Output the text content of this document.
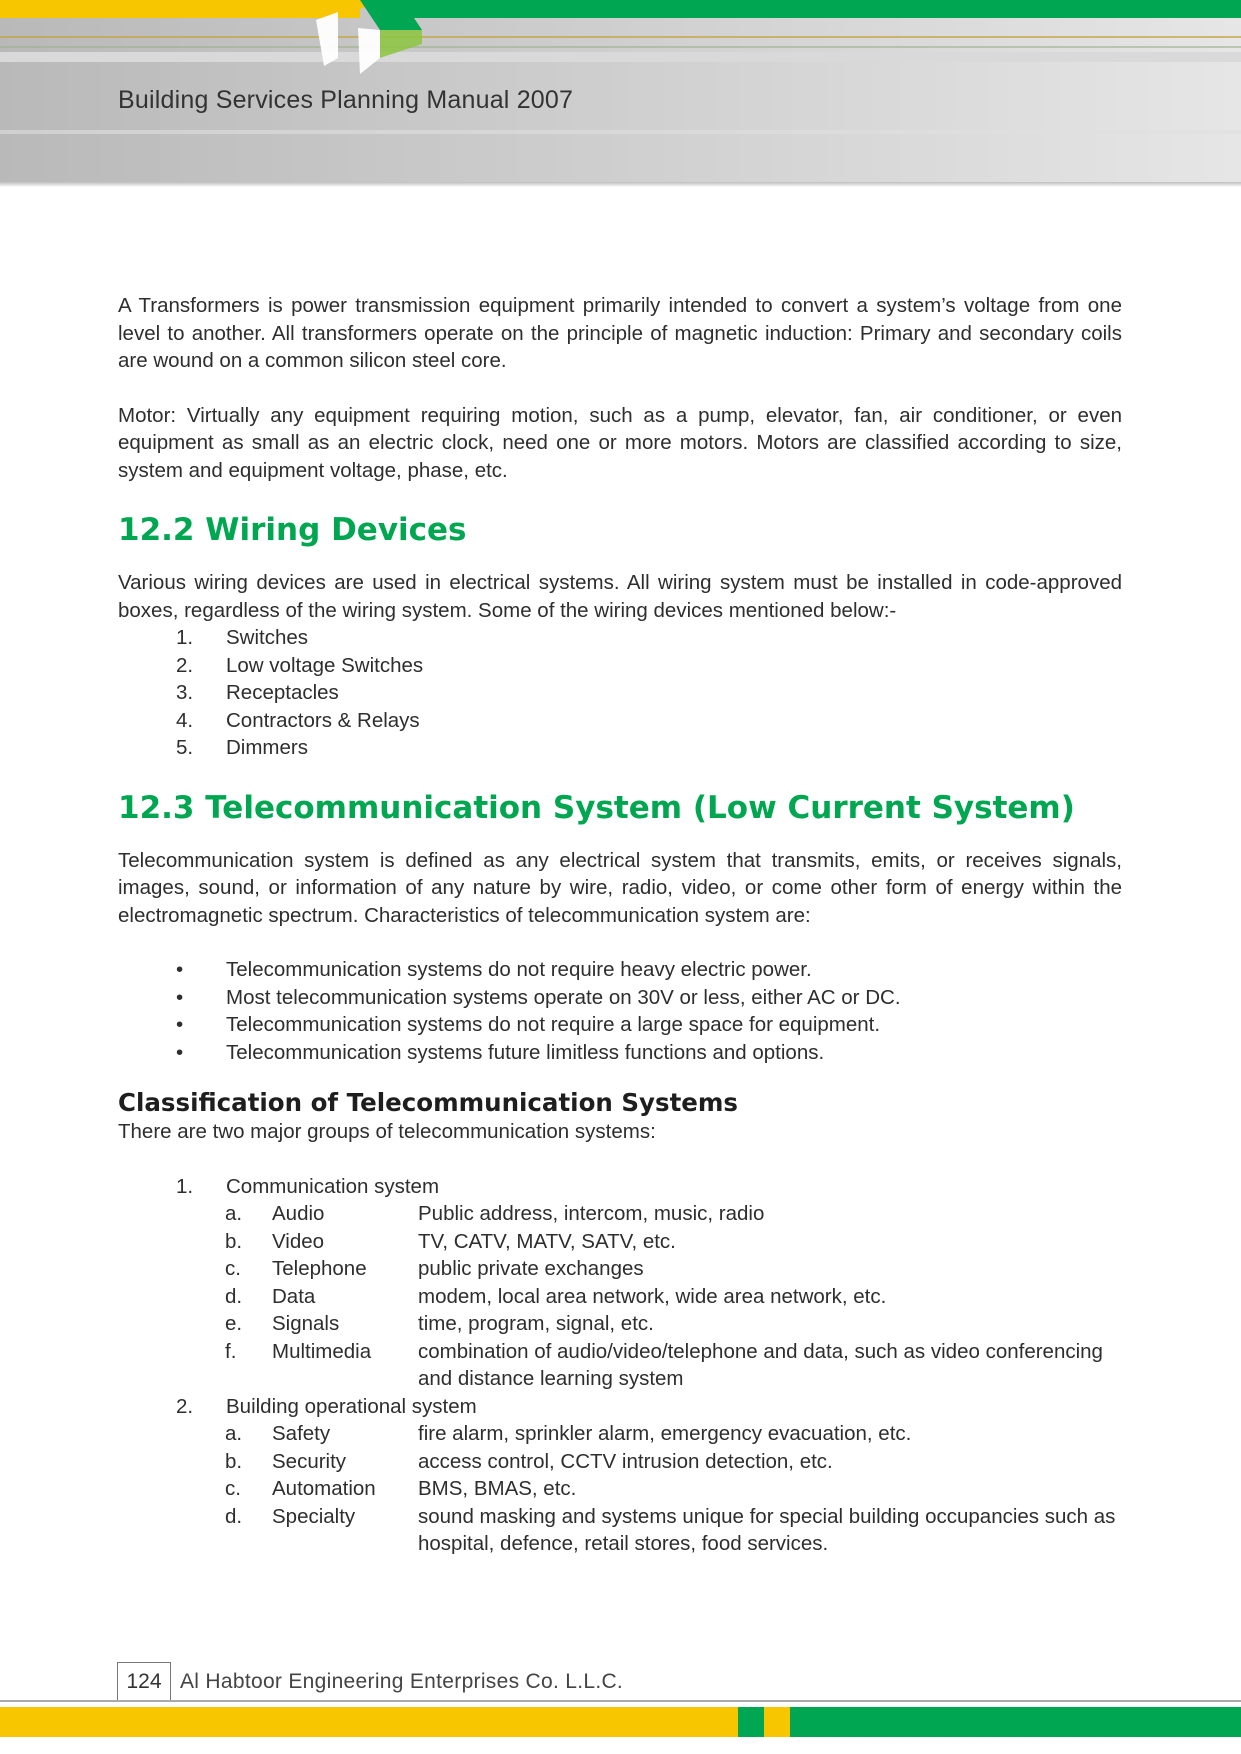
Building Services Planning Manual 2007

A Transformers is power transmission equipment primarily intended to convert a system’s voltage from one level to another. All transformers operate on the principle of magnetic induction: Primary and secondary coils are wound on a common silicon steel core.

Motor: Virtually any equipment requiring motion, such as a pump, elevator, fan, air conditioner, or even equipment as small as an electric clock, need one or more motors. Motors are classified according to size, system and equipment voltage, phase, etc.

12.2 Wiring Devices

Various wiring devices are used in electrical systems. All wiring system must be installed in code-approved boxes, regardless of the wiring system. Some of the wiring devices mentioned below:-

1.	Switches
2.	Low voltage Switches
3.	Receptacles
4.	Contractors & Relays
5.	Dimmers
12.3 Telecommunication System (Low Current System)

Telecommunication system is defined as any electrical system that transmits, emits, or receives signals, images, sound, or information of any nature by wire, radio, video, or come other form of energy within the electromagnetic spectrum. Characteristics of telecommunication system are:

•	Telecommunication systems do not require heavy electric power.
•	Most telecommunication systems operate on 30V or less, either AC or DC.
•	Telecommunication systems do not require a large space for equipment.
•	Telecommunication systems future limitless functions and options.
Classification of Telecommunication Systems

There are two major groups of telecommunication systems:

1.	Communication system
a.	Audio	Public address, intercom, music, radio
b.	Video	TV, CATV, MATV, SATV, etc.
c.	Telephone	public private exchanges
d.	Data	modem, local area network, wide area network, etc.
e.	Signals	time, program, signal, etc.
f.	Multimedia	combination of audio/video/telephone and data, such as video conferencing and distance learning system
2.	Building operational system
a.	Safety	fire alarm, sprinkler alarm, emergency evacuation, etc.
b.	Security	access control, CCTV intrusion detection, etc.
c.	Automation	BMS, BMAS, etc.
d.	Specialty	sound masking and systems unique for special building occupancies such as hospital, defence, retail stores, food services.
124 Al Habtoor Engineering Enterprises Co. L.L.C.
